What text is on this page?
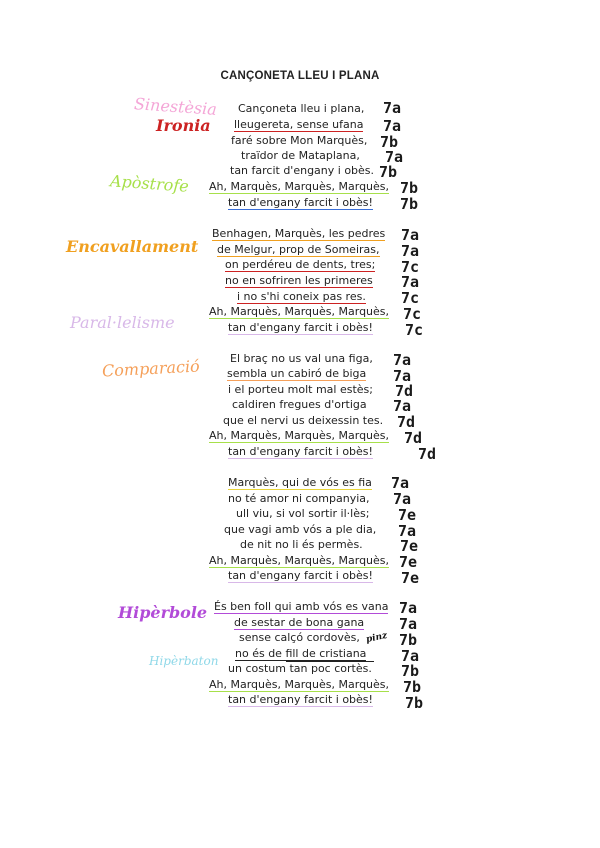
CANÇONETA LLEU I PLANA
Cançoneta lleu i plana,
lleugereta, sense ufana
faré sobre Mon Marquès,
traïdor de Mataplana,
tan farcit d'engany i obès.
Ah, Marquès, Marquès, Marquès,
tan d'engany farcit i obès!
Benhagen, Marquès, les pedres
de Melgur, prop de Someiras,
on perdéreu de dents, tres;
no en sofriren les primeres
i no s'hi coneix pas res.
Ah, Marquès, Marquès, Marquès,
tan d'engany farcit i obès!
El braç no us val una figa,
sembla un cabiró de biga
i el porteu molt mal estès;
caldiren fregues d'ortiga
que el nervi us deixessin tes.
Ah, Marquès, Marquès, Marquès,
tan d'engany farcit i obès!
Marquès, qui de vós es fia
no té amor ni companyia,
ull viu, si vol sortir il·lès;
que vagi amb vós a ple dia,
de nit no li és permès.
Ah, Marquès, Marquès, Marquès,
tan d'engany farcit i obès!
És ben foll qui amb vós es vana
de sestar de bona gana
sense calçó cordovès,
no és de fill de cristiana
un costum tan poc cortès.
Ah, Marquès, Marquès, Marquès,
tan d'engany farcit i obès!
7a
7a
7b
7a
7b
7b
7b
7a
7a
7c
7a
7c
7c
7c
7a
7a
7d
7a
7d
7d
7d
7a
7a
7e
7a
7e
7e
7e
7a
7a
7b
7a
7b
7b
7b
Sinestèsia
Ironia
Apòstrofe
Encavallament
Paral·lelisme
Comparació
Hipèrbole
Hipèrbaton
pinz
